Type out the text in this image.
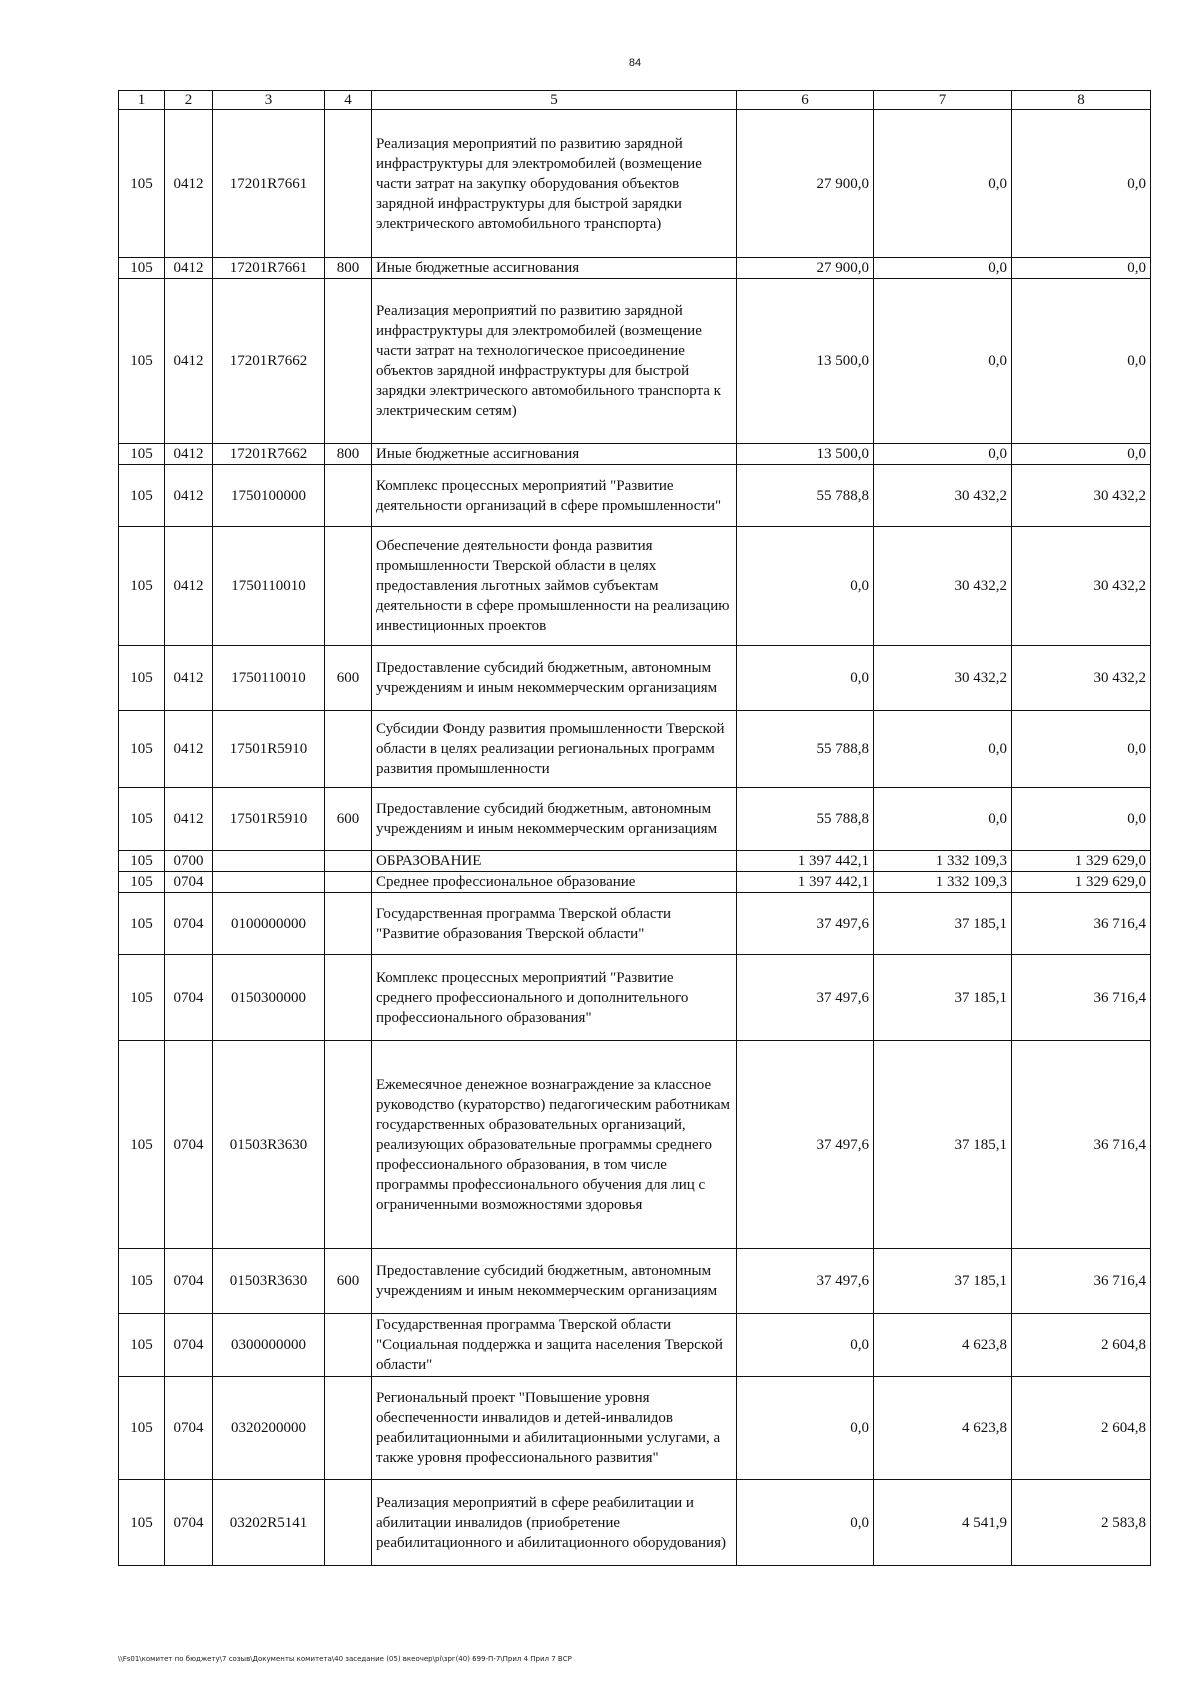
84
1	2	3	4	5	6	7	8
105	0412	17201R7661		Реализация мероприятий по развитию зарядной инфраструктуры для электромобилей (возмещение части затрат на закупку оборудования объектов зарядной инфраструктуры для быстрой зарядки электрического автомобильного транспорта)	27 900,0	0,0	0,0
105	0412	17201R7661	800	Иные бюджетные ассигнования	27 900,0	0,0	0,0
105	0412	17201R7662		Реализация мероприятий по развитию зарядной инфраструктуры для электромобилей (возмещение части затрат на технологическое присоединение объектов зарядной инфраструктуры для быстрой зарядки электрического автомобильного транспорта к электрическим сетям)	13 500,0	0,0	0,0
105	0412	17201R7662	800	Иные бюджетные ассигнования	13 500,0	0,0	0,0
105	0412	1750100000		Комплекс процессных мероприятий "Развитие деятельности организаций в сфере промышленности"	55 788,8	30 432,2	30 432,2
105	0412	1750110010		Обеспечение деятельности фонда развития промышленности Тверской области в целях предоставления льготных займов субъектам деятельности в сфере промышленности на реализацию инвестиционных проектов	0,0	30 432,2	30 432,2
105	0412	1750110010	600	Предоставление субсидий бюджетным, автономным учреждениям и иным некоммерческим организациям	0,0	30 432,2	30 432,2
105	0412	17501R5910		Субсидии Фонду развития промышленности Тверской области в целях реализации региональных программ развития промышленности	55 788,8	0,0	0,0
105	0412	17501R5910	600	Предоставление субсидий бюджетным, автономным учреждениям и иным некоммерческим организациям	55 788,8	0,0	0,0
105	0700			ОБРАЗОВАНИЕ	1 397 442,1	1 332 109,3	1 329 629,0
105	0704			Среднее профессиональное образование	1 397 442,1	1 332 109,3	1 329 629,0
105	0704	0100000000		Государственная программа Тверской области "Развитие образования Тверской области"	37 497,6	37 185,1	36 716,4
105	0704	0150300000		Комплекс процессных мероприятий "Развитие среднего профессионального и дополнительного профессионального образования"	37 497,6	37 185,1	36 716,4
105	0704	01503R3630		Ежемесячное денежное вознаграждение за классное руководство (кураторство) педагогическим работникам государственных образовательных организаций, реализующих образовательные программы среднего профессионального образования, в том числе программы профессионального обучения для лиц с ограниченными возможностями здоровья	37 497,6	37 185,1	36 716,4
105	0704	01503R3630	600	Предоставление субсидий бюджетным, автономным учреждениям и иным некоммерческим организациям	37 497,6	37 185,1	36 716,4
105	0704	0300000000		Государственная программа Тверской области "Социальная поддержка и защита населения Тверской области"	0,0	4 623,8	2 604,8
105	0704	0320200000		Региональный проект "Повышение уровня обеспеченности инвалидов и детей-инвалидов реабилитационными и абилитационными услугами, а также уровня профессионального развития"	0,0	4 623,8	2 604,8
105	0704	03202R5141		Реализация мероприятий в сфере реабилитации и абилитации инвалидов (приобретение реабилитационного и абилитационного оборудования)	0,0	4 541,9	2 583,8
\\Fs01\комитет по бюджету\7 созыв\Документы комитета\40 заседание (05) вкеочер\рi\зрг(40) 699-П-7\Прил 4 Прил 7 ВСР
